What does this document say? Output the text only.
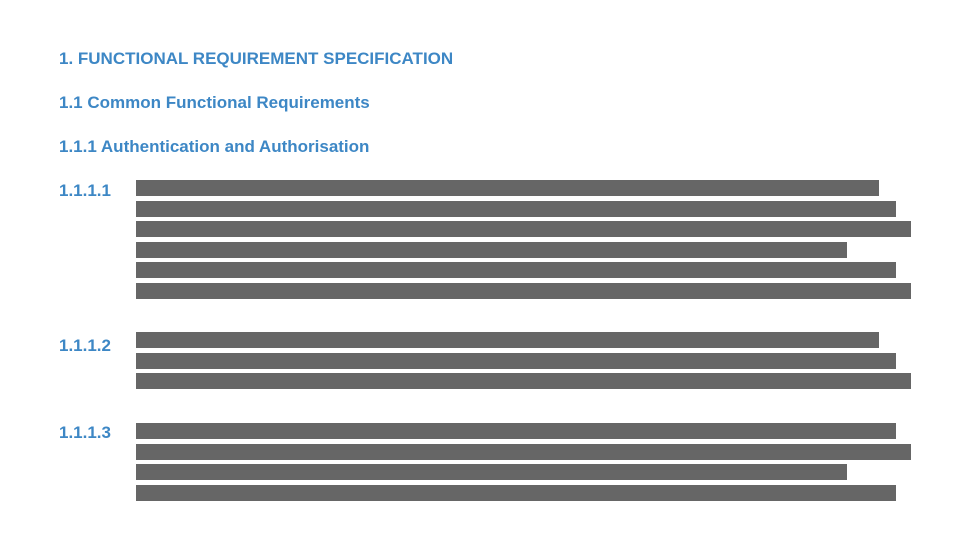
1. FUNCTIONAL REQUIREMENT SPECIFICATION
1.1 Common Functional Requirements
1.1.1 Authentication and Authorisation
1.1.1.1
1.1.1.2
1.1.1.3
